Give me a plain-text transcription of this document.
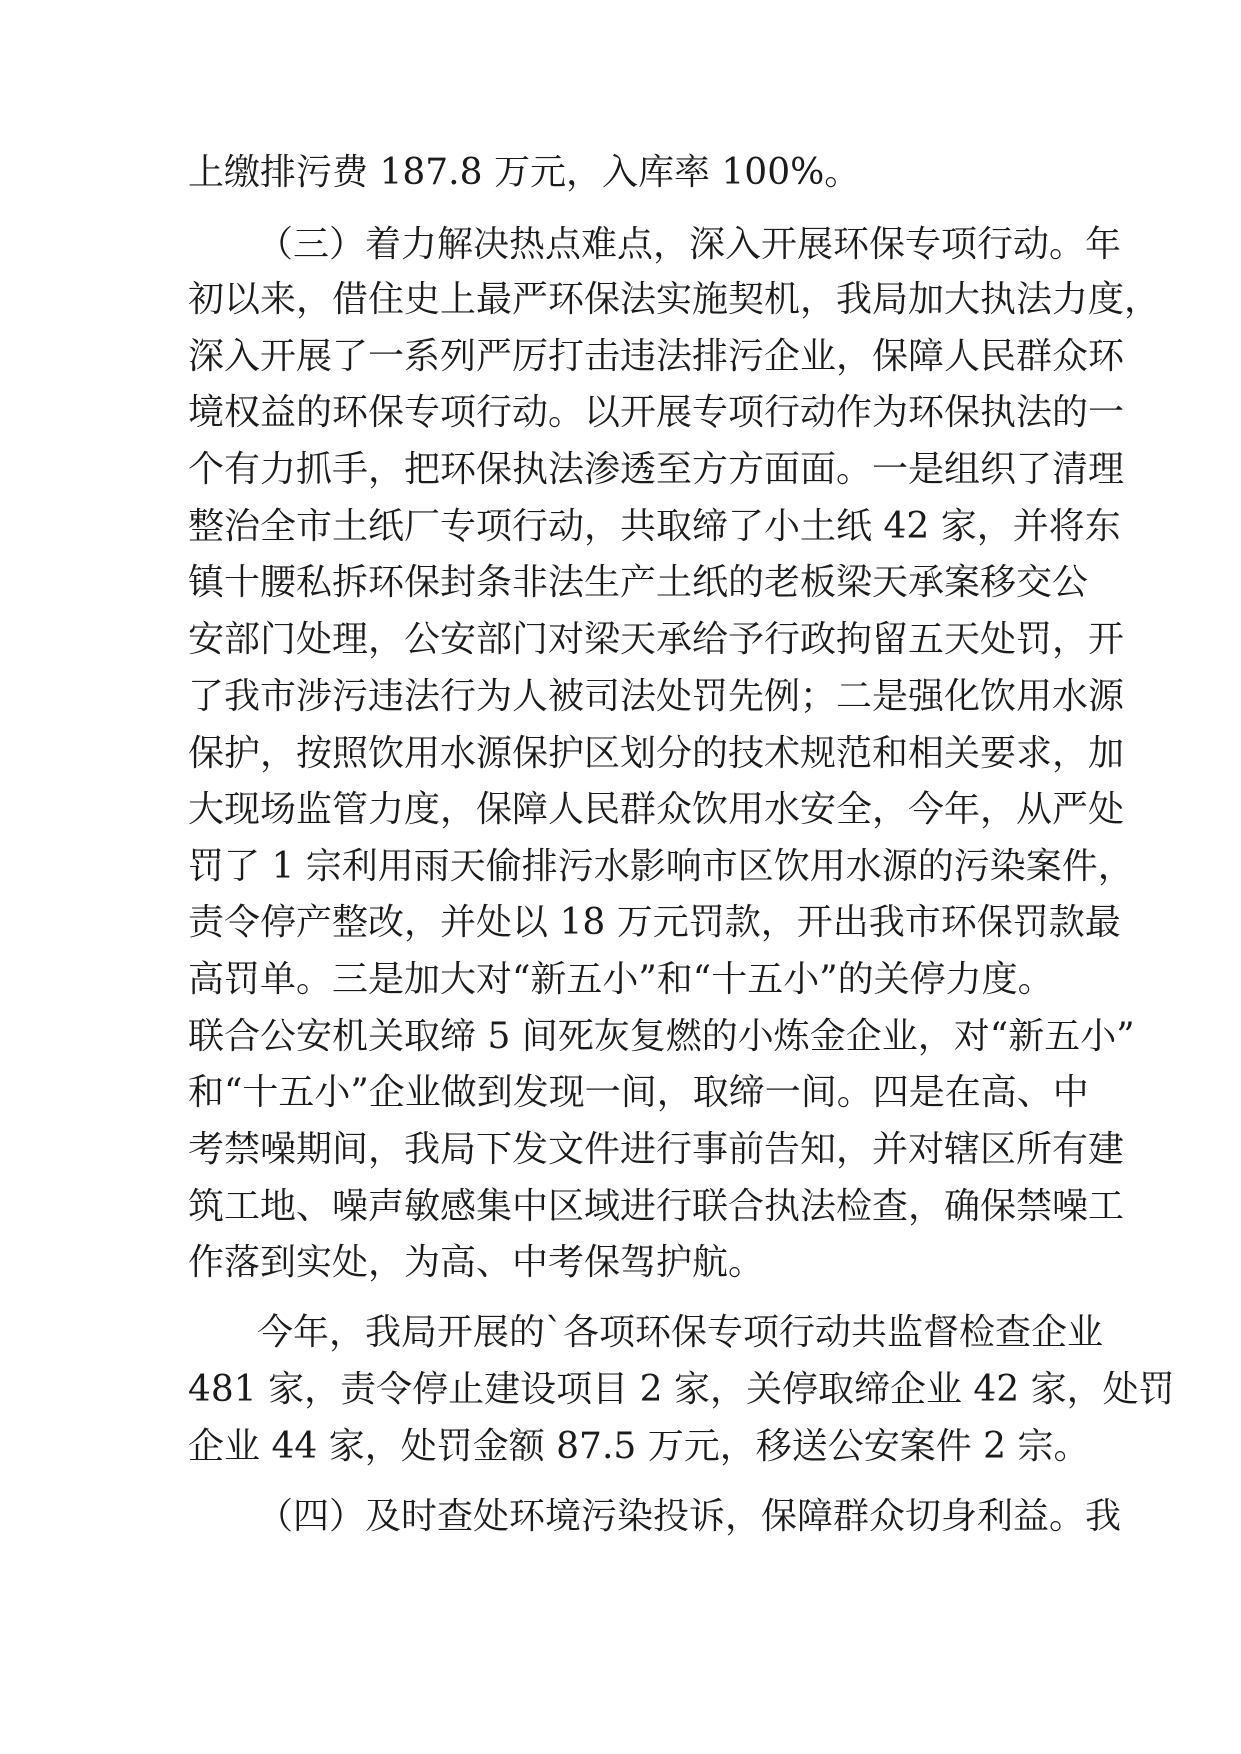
上缴排污费 187.8 万元，入库率 100%。

（三）着力解决热点难点，深入开展环保专项行动。年

初以来，借住史上最严环保法实施契机，我局加大执法力度，

深入开展了一系列严厉打击违法排污企业，保障人民群众环

境权益的环保专项行动。以开展专项行动作为环保执法的一

个有力抓手，把环保执法渗透至方方面面。一是组织了清理

整治全市土纸厂专项行动，共取缔了小土纸 42 家，并将东

镇十腰私拆环保封条非法生产土纸的老板梁天承案移交公

安部门处理，公安部门对梁天承给予行政拘留五天处罚，开

了我市涉污违法行为人被司法处罚先例；二是强化饮用水源

保护，按照饮用水源保护区划分的技术规范和相关要求，加

大现场监管力度，保障人民群众饮用水安全，今年，从严处

罚了 1 宗利用雨天偷排污水影响市区饮用水源的污染案件，

责令停产整改，并处以 18 万元罚款，开出我市环保罚款最

高罚单。三是加大对“新五小”和“十五小”的关停力度。

联合公安机关取缔 5 间死灰复燃的小炼金企业，对“新五小”

和“十五小”企业做到发现一间，取缔一间。四是在高、中

考禁噪期间，我局下发文件进行事前告知，并对辖区所有建

筑工地、噪声敏感集中区域进行联合执法检查，确保禁噪工

作落到实处，为高、中考保驾护航。

今年，我局开展的`各项环保专项行动共监督检查企业

481 家，责令停止建设项目 2 家，关停取缔企业 42 家，处罚

企业 44 家，处罚金额 87.5 万元，移送公安案件 2 宗。

（四）及时查处环境污染投诉，保障群众切身利益。我
